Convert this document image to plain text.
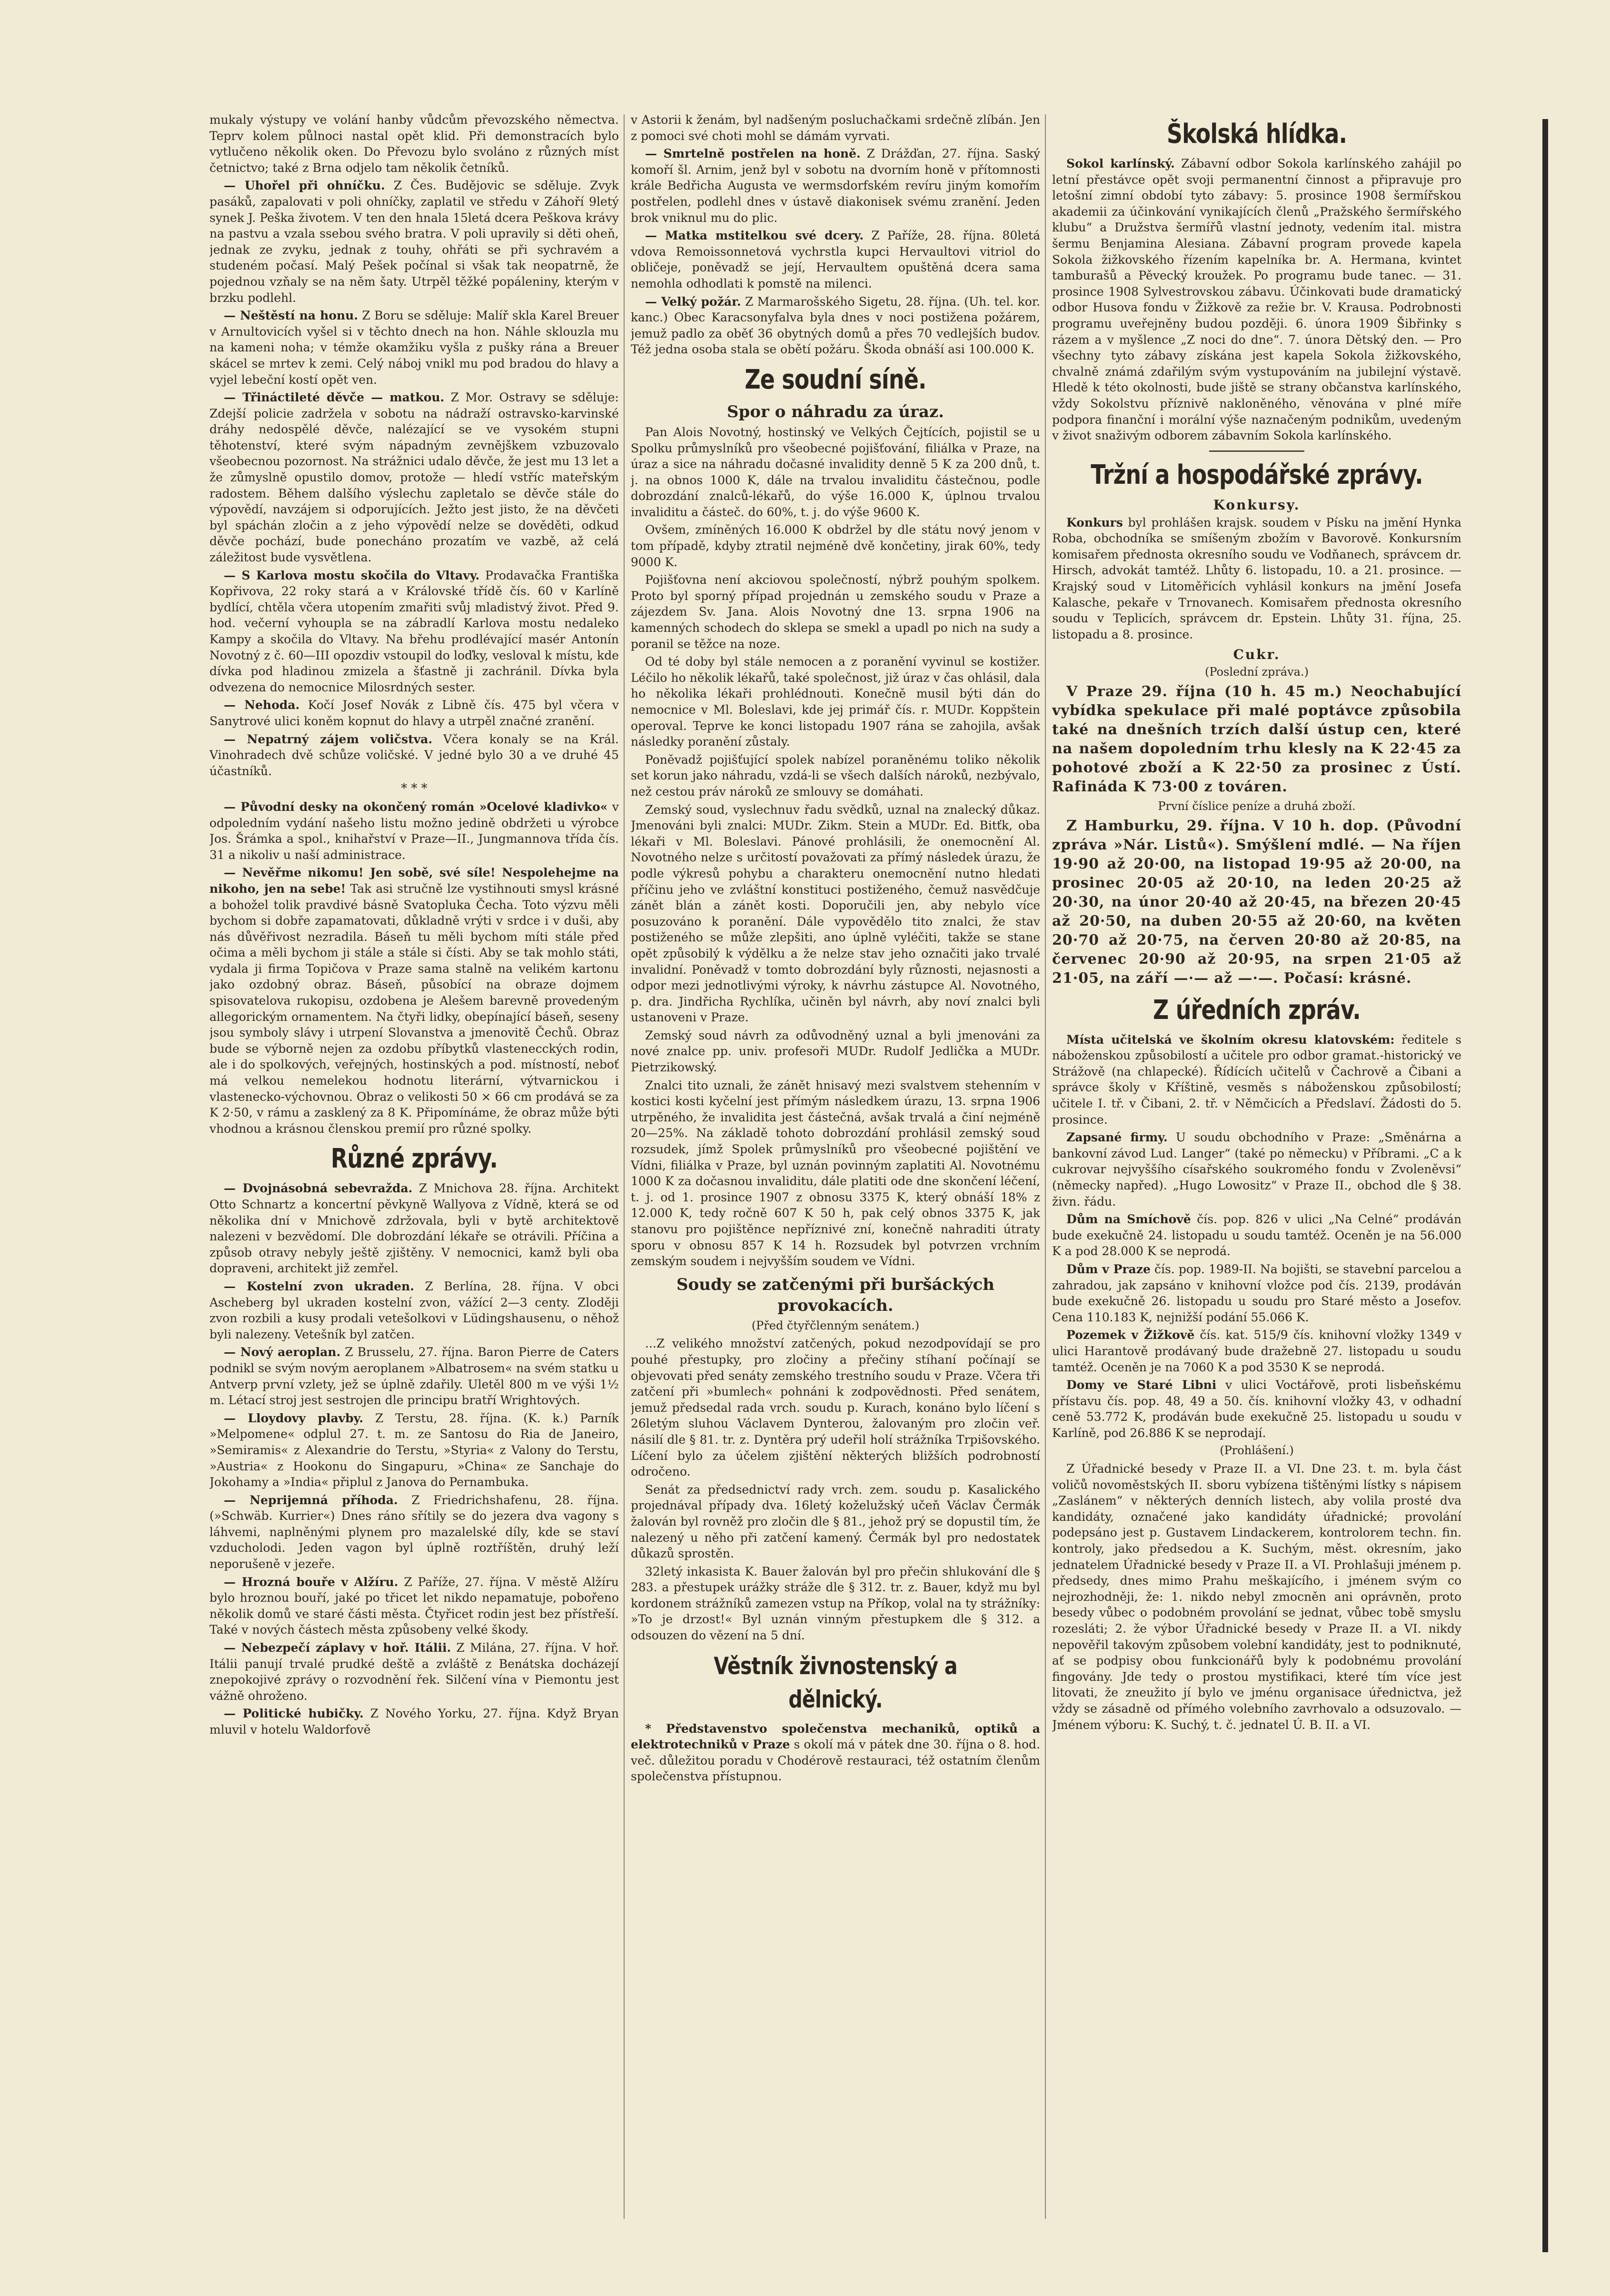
mukaly výstupy ve volání hanby vůdcům převozského němectva. Teprv kolem půlnoci nastal opět klid. Při demonstracích bylo vytlučeno několik oken. Do Převozu bylo svoláno z různých míst četnictvo; také z Brna odjelo tam několik četníků.

— Uhořel při ohníčku. Z Čes. Budějovic se sděluje. Zvyk pasáků, zapalovati v poli ohníčky, zaplatil ve středu v Záhoří 9letý synek J. Peška životem. V ten den hnala 15letá dcera Peškova krávy na pastvu a vzala ssebou svého bratra. V poli upravily si děti oheň, jednak ze zvyku, jednak z touhy, ohřáti se při sychravém a studeném počasí. Malý Pešek počínal si však tak neopatrně, že pojednou vzňaly se na něm šaty. Utrpěl těžké popáleniny, kterým v brzku podlehl.

— Neštěstí na honu. Z Boru se sděluje: Malíř skla Karel Breuer v Arnultovicích vyšel si v těchto dnech na hon. Náhle sklouzla mu na kameni noha; v témže okamžiku vyšla z pušky rána a Breuer skácel se mrtev k zemi. Celý náboj vnikl mu pod bradou do hlavy a vyjel lebeční kostí opět ven.

— Třináctileté děvče — matkou. Z Mor. Ostravy se sděluje: Zdejší policie zadržela v sobotu na nádraží ostravsko-karvinské dráhy nedospělé děvče, nalézající se ve vysokém stupni těhotenství, které svým nápadným zevnějškem vzbuzovalo všeobecnou pozornost. Na strážnici udalo děvče, že jest mu 13 let a že zůmyslně opustilo domov, protože — hledí vstříc mateřským radostem. Během dalšího výslechu zapletalo se děvče stále do výpovědí, navzájem si odporujících. Ježto jest jisto, že na děvčeti byl spáchán zločin a z jeho výpovědí nelze se dověděti, odkud děvče pochází, bude ponecháno prozatím ve vazbě, až celá záležitost bude vysvětlena.

— S Karlova mostu skočila do Vltavy. Prodavačka Františka Kopřivova, 22 roky stará a v Královské třídě čís. 60 v Karlíně bydlící, chtěla včera utopením zmařiti svůj mladistvý život. Před 9. hod. večerní vyhoupla se na zábradlí Karlova mostu nedaleko Kampy a skočila do Vltavy. Na břehu prodlévající masér Antonín Novotný z č. 60—III opozdiv vstoupil do loďky, vesloval k místu, kde dívka pod hladinou zmizela a šťastně ji zachránil. Dívka byla odvezena do nemocnice Milosrdných sester.

— Nehoda. Kočí Josef Novák z Libně čís. 475 byl včera v Sanytrové ulici koněm kopnut do hlavy a utrpěl značné zranění.

— Nepatrný zájem voličstva. Včera konaly se na Král. Vinohradech dvě schůze voličské. V jedné bylo 30 a ve druhé 45 účastníků.

* * *

— Původní desky na okončený román »Ocelové kladivko« v odpoledním vydání našeho listu možno jedině obdržeti u výrobce Jos. Šrámka a spol., knihařství v Praze—II., Jungmannova třída čís. 31 a nikoliv u naší administrace.

— Nevěřme nikomu! Jen sobě, své síle! Nespolehejme na nikoho, jen na sebe! Tak asi stručně lze vystihnouti smysl krásné a bohožel tolik pravdivé básně Svatopluka Čecha. Toto výzvu měli bychom si dobře zapamatovati, důkladně vrýti v srdce i v duši, aby nás důvěřivost nezradila. Báseň tu měli bychom míti stále před očima a měli bychom ji stále a stále si čísti. Aby se tak mohlo státi, vydala ji firma Topičova v Praze sama stalně na velikém kartonu jako ozdobný obraz. Báseň, působící na obraze dojmem spisovatelova rukopisu, ozdobena je Alešem barevně provedeným allegorickým ornamentem. Na čtyři lidky, obepínající báseň, seseny jsou symboly slávy i utrpení Slovanstva a jmenovitě Čechů. Obraz bude se výborně nejen za ozdobu příbytků vlastenecckých rodin, ale i do spolkových, veřejných, hostinských a pod. místností, neboť má velkou nemelekou hodnotu literární, výtvarnickou i vlastenecko-výchovnou. Obraz o velikosti 50 × 66 cm prodává se za K 2·50, v rámu a zasklený za 8 K. Připomínáme, že obraz může býti vhodnou a krásnou členskou premií pro různé spolky.

Různé zprávy.

— Dvojnásobná sebevražda. Z Mnichova 28. října. Architekt Otto Schnartz a koncertní pěvkyně Wallyova z Vídně, která se od několika dní v Mnichově zdržovala, byli v bytě architektově nalezeni v bezvědomí. Dle dobrozdání lékaře se otrávili. Příčina a způsob otravy nebyly ještě zjištěny. V nemocnici, kamž byli oba dopraveni, architekt již zemřel.

— Kostelní zvon ukraden. Z Berlína, 28. října. V obci Ascheberg byl ukraden kostelní zvon, vážící 2—3 centy. Zloději zvon rozbili a kusy prodali vetešolkovi v Lüdingshausenu, o něhož byli nalezeny. Vetešník byl zatčen.

— Nový aeroplan. Z Brusselu, 27. října. Baron Pierre de Caters podnikl se svým novým aeroplanem »Albatrosem« na svém statku u Antverp první vzlety, jež se úplně zdařily. Uletěl 800 m ve výši 1½ m. Létací stroj jest sestrojen dle principu bratří Wrightových.

— Lloydovy plavby. Z Terstu, 28. října. (K. k.) Parník »Melpomene« odplul 27. t. m. ze Santosu do Ria de Janeiro, »Semiramis« z Alexandrie do Terstu, »Styria« z Valony do Terstu, »Austria« z Hookonu do Singapuru, »China« ze Sanchaje do Jokohamy a »India« připlul z Janova do Pernambuka.

— Neprijemná příhoda. Z Friedrichshafenu, 28. října. (»Schwäb. Kurrier«) Dnes ráno sřítily se do jezera dva vagony s láhvemi, naplněnými plynem pro mazalelské díly, kde se staví vzducholodi. Jeden vagon byl úplně roztříštěn, druhý leží neporušeně v jezeře.

— Hrozná bouře v Alžíru. Z Paříže, 27. října. V městě Alžíru bylo hroznou bouří, jaké po třicet let nikdo nepamatuje, pobořeno několik domů ve staré části města. Čtyřicet rodin jest bez přístřeší. Také v nových částech města způsobeny velké škody.

— Nebezpečí záplavy v hoř. Itálii. Z Milána, 27. října. V hoř. Itálii panují trvalé prudké deště a zvláště z Benátska docházejí znepokojivé zprávy o rozvodnění řek. Silčení vína v Piemontu jest vážně ohroženo.

— Politické hubičky. Z Nového Yorku, 27. října. Když Bryan mluvil v hotelu Waldorfově

v Astorii k ženám, byl nadšeným posluchačkami srdečně zlíbán. Jen z pomoci své choti mohl se dámám vyrvati.

— Smrtelně postřelen na honě. Z Drážďan, 27. října. Saský komoří šl. Arnim, jenž byl v sobotu na dvorním honě v přítomnosti krále Bedřicha Augusta ve wermsdorfském revíru jiným komořím postřelen, podlehl dnes v ústavě diakonisek svému zranění. Jeden brok vniknul mu do plic.

— Matka mstitelkou své dcery. Z Paříže, 28. října. 80letá vdova Remoissonnetová vychrstla kupci Hervaultovi vitriol do obličeje, poněvadž se její, Hervaultem opuštěná dcera sama nemohla odhodlati k pomstě na milenci.

— Velký požár. Z Marmarošského Sigetu, 28. října. (Uh. tel. kor. kanc.) Obec Karacsonyfalva byla dnes v noci postižena požárem, jemuž padlo za oběť 36 obytných domů a přes 70 vedlejších budov. Též jedna osoba stala se obětí požáru. Škoda obnáší asi 100.000 K.

Ze soudní síně.
Spor o náhradu za úraz.

Pan Alois Novotný, hostinský ve Velkých Čejtících, pojistil se u Spolku průmyslníků pro všeobecné pojišťování, filiálka v Praze, na úraz a sice na náhradu dočasné invalidity denně 5 K za 200 dnů, t. j. na obnos 1000 K, dále na trvalou invaliditu částečnou, podle dobrozdání znalců-lékařů, do výše 16.000 K, úplnou trvalou invaliditu a částeč. do 60%, t. j. do výše 9600 K.

Ovšem, zmíněných 16.000 K obdržel by dle státu nový jenom v tom případě, kdyby ztratil nejméně dvě končetiny, jirak 60%, tedy 9000 K.

Pojišťovna není akciovou společností, nýbrž pouhým spolkem. Proto byl sporný případ projednán u zemského soudu v Praze a zájezdem Sv. Jana. Alois Novotný dne 13. srpna 1906 na kamenných schodech do sklepa se smekl a upadl po nich na sudy a poranil se těžce na noze.

Od té doby byl stále nemocen a z poranění vyvinul se kostižer. Léčilo ho několik lékařů, také společnost, již úraz v čas ohlásil, dala ho několika lékaři prohlédnouti. Konečně musil býti dán do nemocnice v Ml. Boleslavi, kde jej primář čís. r. MUDr. Koppštein operoval. Teprve ke konci listopadu 1907 rána se zahojila, avšak následky poranění zůstaly.

Poněvadž pojišťující spolek nabízel poraněnému toliko několik set korun jako náhradu, vzdá-li se všech dalších nároků, nezbývalo, než cestou práv nároků ze smlouvy se domáhati.

Zemský soud, vyslechnuv řadu svědků, uznal na znalecký důkaz. Jmenováni byli znalci: MUDr. Zikm. Stein a MUDr. Ed. Bitťk, oba lékaři v Ml. Boleslavi. Pánové prohlásili, že onemocnění Al. Novotného nelze s určitostí považovati za přímý následek úrazu, že podle výkresů pohybu a charakteru onemocnění nutno hledati příčinu jeho ve zvláštní konstituci postiženého, čemuž nasvědčuje zánět blán a zánět kosti. Doporučili jen, aby nebylo více posuzováno k poranění. Dále vypovědělo tito znalci, že stav postiženého se může zlepšiti, ano úplně vyléčiti, takže se stane opět způsobilý k výdělku a že nelze stav jeho označiti jako trvalé invalidní. Poněvadž v tomto dobrozdání byly různosti, nejasnosti a odpor mezi jednotlivými výroky, k návrhu zástupce Al. Novotného, p. dra. Jindřicha Rychlíka, učiněn byl návrh, aby noví znalci byli ustanoveni v Praze.

Zemský soud návrh za odůvodněný uznal a byli jmenováni za nové znalce pp. univ. profesoři MUDr. Rudolf Jedlička a MUDr. Pietrzikowský.

Znalci tito uznali, že zánět hnisavý mezi svalstvem stehenním v kostici kosti kyčelní jest přímým následkem úrazu, 13. srpna 1906 utrpěného, že invalidita jest částečná, avšak trvalá a činí nejméně 20—25%. Na základě tohoto dobrozdání prohlásil zemský soud rozsudek, jímž Spolek průmyslníků pro všeobecné pojištění ve Vídni, filiálka v Praze, byl uznán povinným zaplatiti Al. Novotnému 1000 K za dočasnou invaliditu, dále platiti ode dne skončení léčení, t. j. od 1. prosince 1907 z obnosu 3375 K, který obnáší 18% z 12.000 K, tedy ročně 607 K 50 h, pak celý obnos 3375 K, jak stanovu pro pojištěnce nepříznivé zní, konečně nahraditi útraty sporu v obnosu 857 K 14 h. Rozsudek byl potvrzen vrchním zemským soudem i nejvyšším soudem ve Vídni.

Soudy se zatčenými při buršáckých provokacích.
(Před čtyřčlenným senátem.)

...Z velikého množství zatčených, pokud nezodpovídají se pro pouhé přestupky, pro zločiny a přečiny stíhaní počínají se objevovati před senáty zemského trestního soudu v Praze. Včera tři zatčení při »bumlech« pohnáni k zodpovědnosti. Před senátem, jemuž předsedal rada vrch. soudu p. Kurach, konáno bylo líčení s 26letým sluhou Václavem Dynterou, žalovaným pro zločin veř. násilí dle § 81. tr. z. Dyntěra prý udeřil holí strážníka Trpišovského. Líčení bylo za účelem zjištění některých bližších podrobností odročeno.

Senát za předsednictví rady vrch. zem. soudu p. Kasalického projednával případy dva. 16letý koželužský učeň Václav Čermák žalován byl rovněž pro zločin dle § 81., jehož prý se dopustil tím, že nalezený u něho při zatčení kamený. Čermák byl pro nedostatek důkazů sprostěn.

32letý inkasista K. Bauer žalován byl pro přečin shlukování dle § 283. a přestupek urážky stráže dle § 312. tr. z. Bauer, když mu byl kordonem strážníků zamezen vstup na Příkop, volal na ty strážníky: »To je drzost!« Byl uznán vinným přestupkem dle § 312. a odsouzen do vězení na 5 dní.

Věstník živnostenský a dělnický.

* Představenstvo společenstva mechaniků, optiků a elektrotechniků v Praze s okolí má v pátek dne 30. října o 8. hod. več. důležitou poradu v Chodérově restauraci, též ostatním členům společenstva přístupnou.

Školská hlídka.

Sokol karlínský. Zábavní odbor Sokola karlínského zahájil po letní přestávce opět svoji permanentní činnost a připravuje pro letošní zimní období tyto zábavy: 5. prosince 1908 šermířskou akademii za účinkování vynikajících členů „Pražského šermířského klubu“ a Družstva šermířů vlastní jednoty, vedením ital. mistra šermu Benjamina Alesiana. Zábavní program provede kapela Sokola žižkovského řízením kapelníka br. A. Hermana, kvintet tamburašů a Pěvecký kroužek. Po programu bude tanec. — 31. prosince 1908 Sylvestrovskou zábavu. Účinkovati bude dramatický odbor Husova fondu v Žižkově za režie br. V. Krausa. Podrobnosti programu uveřejněny budou později. 6. února 1909 Šibřinky s rázem a v myšlence „Z noci do dne“. 7. února Dětský den. — Pro všechny tyto zábavy získána jest kapela Sokola žižkovského, chvalně známá zdařilým svým vystupováním na jubilejní výstavě. Hledě k této okolnosti, bude jiště se strany občanstva karlínského, vždy Sokolstvu příznivě nakloněného, věnována v plné míře podpora finanční i morální výše naznačeným podnikům, uvedeným v život snaživým odborem zábavním Sokola karlínského.

Tržní a hospodářské zprávy.
Konkursy.

Konkurs byl prohlášen krajsk. soudem v Písku na jmění Hynka Roba, obchodníka se smíšeným zbožím v Bavorově. Konkursním komisařem přednosta okresního soudu ve Vodňanech, správcem dr. Hirsch, advokát tamtéž. Lhůty 6. listopadu, 10. a 21. prosince. — Krajský soud v Litoměřicích vyhlásil konkurs na jmění Josefa Kalasche, pekaře v Trnovanech. Komisařem přednosta okresního soudu v Teplicích, správcem dr. Epstein. Lhůty 31. října, 25. listopadu a 8. prosince.

Cukr.
(Poslední zpráva.)

V Praze 29. října (10 h. 45 m.) Neochabující vybídka spekulace při malé poptávce způsobila také na dnešních trzích další ústup cen, které na našem dopoledním trhu klesly na K 22·45 za pohotové zboží a K 22·50 za prosinec z Ústí. Rafináda K 73·00 z továren.

První číslice peníze a druhá zboží.

Z Hamburku, 29. října. V 10 h. dop. (Původní zpráva »Nár. Listů«). Smýšlení mdlé. — Na říjen 19·90 až 20·00, na listopad 19·95 až 20·00, na prosinec 20·05 až 20·10, na leden 20·25 až 20·30, na únor 20·40 až 20·45, na březen 20·45 až 20·50, na duben 20·55 až 20·60, na květen 20·70 až 20·75, na červen 20·80 až 20·85, na červenec 20·90 až 20·95, na srpen 21·05 až 21·05, na září —·— až —·—. Počasí: krásné.

Z úředních zpráv.

Místa učitelská ve školním okresu klatovském: ředitele s náboženskou způsobilostí a učitele pro odbor gramat.-historický ve Strážově (na chlapecké). Řídících učitelů v Čachrově a Čibani a správce školy v Kříštině, vesměs s náboženskou způsobilostí; učitele I. tř. v Čibani, 2. tř. v Němčicích a Předslaví. Žádosti do 5. prosince.

Zapsané firmy. U soudu obchodního v Praze: „Směnárna a bankovní závod Lud. Langer“ (také po německu) v Příbrami. „C a k cukrovar nejvyššího císařského soukromého fondu v Zvoleněvsi“ (německy napřed). „Hugo Lowositz“ v Praze II., obchod dle § 38. živn. řádu.

Dům na Smíchově čís. pop. 826 v ulici „Na Celné“ prodáván bude exekučně 24. listopadu u soudu tamtéž. Oceněn je na 56.000 K a pod 28.000 K se neprodá.

Dům v Praze čís. pop. 1989-II. Na bojišti, se stavební parcelou a zahradou, jak zapsáno v knihovní vložce pod čís. 2139, prodáván bude exekučně 26. listopadu u soudu pro Staré město a Josefov. Cena 110.183 K, nejnižší podání 55.066 K.

Pozemek v Žižkově čís. kat. 515/9 čís. knihovní vložky 1349 v ulici Harantově prodávaný bude dražebně 27. listopadu u soudu tamtéž. Oceněn je na 7060 K a pod 3530 K se neprodá.

Domy ve Staré Libni v ulici Voctářově, proti lisbeňskému přístavu čís. pop. 48, 49 a 50. čís. knihovní vložky 43, v odhadní ceně 53.772 K, prodáván bude exekučně 25. listopadu u soudu v Karlíně, pod 26.886 K se neprodají.

(Prohlášení.)

Z Úřadnické besedy v Praze II. a VI. Dne 23. t. m. byla část voličů novoměstských II. sboru vybízena tištěnými lístky s nápisem „Zaslánem“ v některých denních listech, aby volila prosté dva kandidáty, označené jako kandidáty úřadnické; provolání podepsáno jest p. Gustavem Lindackerem, kontrolorem techn. fin. kontroly, jako předsedou a K. Suchým, měst. okresním, jako jednatelem Úřadnické besedy v Praze II. a VI. Prohlašuji jménem p. předsedy, dnes mimo Prahu meškajícího, i jménem svým co nejrozhodněji, že: 1. nikdo nebyl zmocněn ani oprávněn, proto besedy vůbec o podobném provolání se jednat, vůbec tobě smyslu rozesláti; 2. že výbor Úřadnické besedy v Praze II. a VI. nikdy nepověřil takovým způsobem volební kandidáty, jest to podniknuté, ať se podpisy obou funkcionářů byly k podobnému provolání fingovány. Jde tedy o prostou mystifikaci, které tím více jest litovati, že zneužito jí bylo ve jménu organisace úřednictva, jež vždy se zásadně od přímého volebního zavrhovalo a odsuzovalo. — Jménem výboru: K. Suchý, t. č. jednatel Ú. B. II. a VI.
